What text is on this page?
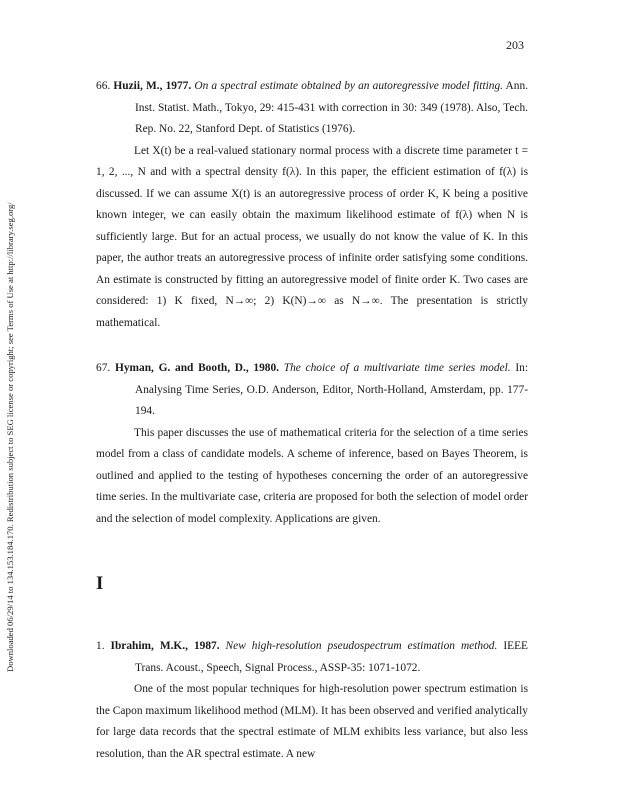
203
Downloaded 06/29/14 to 134.153.184.170. Redistribution subject to SEG license or copyright; see Terms of Use at http://library.seg.org/

66. Huzii, M., 1977. On a spectral estimate obtained by an autoregressive model fitting. Ann. Inst. Statist. Math., Tokyo, 29: 415-431 with correction in 30: 349 (1978). Also, Tech. Rep. No. 22, Stanford Dept. of Statistics (1976).

Let X(t) be a real-valued stationary normal process with a discrete time parameter t = 1, 2, ..., N and with a spectral density f(λ). In this paper, the efficient estimation of f(λ) is discussed. If we can assume X(t) is an autoregressive process of order K, K being a positive known integer, we can easily obtain the maximum likelihood estimate of f(λ) when N is sufficiently large. But for an actual process, we usually do not know the value of K. In this paper, the author treats an autoregressive process of infinite order satisfying some conditions. An estimate is constructed by fitting an autoregressive model of finite order K. Two cases are considered: 1) K fixed, N→∞; 2) K(N)→∞ as N→∞. The presentation is strictly mathematical.

67. Hyman, G. and Booth, D., 1980. The choice of a multivariate time series model. In: Analysing Time Series, O.D. Anderson, Editor, North-Holland, Amsterdam, pp. 177-194.

This paper discusses the use of mathematical criteria for the selection of a time series model from a class of candidate models. A scheme of inference, based on Bayes Theorem, is outlined and applied to the testing of hypotheses concerning the order of an autoregressive time series. In the multivariate case, criteria are proposed for both the selection of model order and the selection of model complexity. Applications are given.

I

1. Ibrahim, M.K., 1987. New high-resolution pseudospectrum estimation method. IEEE Trans. Acoust., Speech, Signal Process., ASSP-35: 1071-1072.

One of the most popular techniques for high-resolution power spectrum estimation is the Capon maximum likelihood method (MLM). It has been observed and verified analytically for large data records that the spectral estimate of MLM exhibits less variance, but also less resolution, than the AR spectral estimate. A new
